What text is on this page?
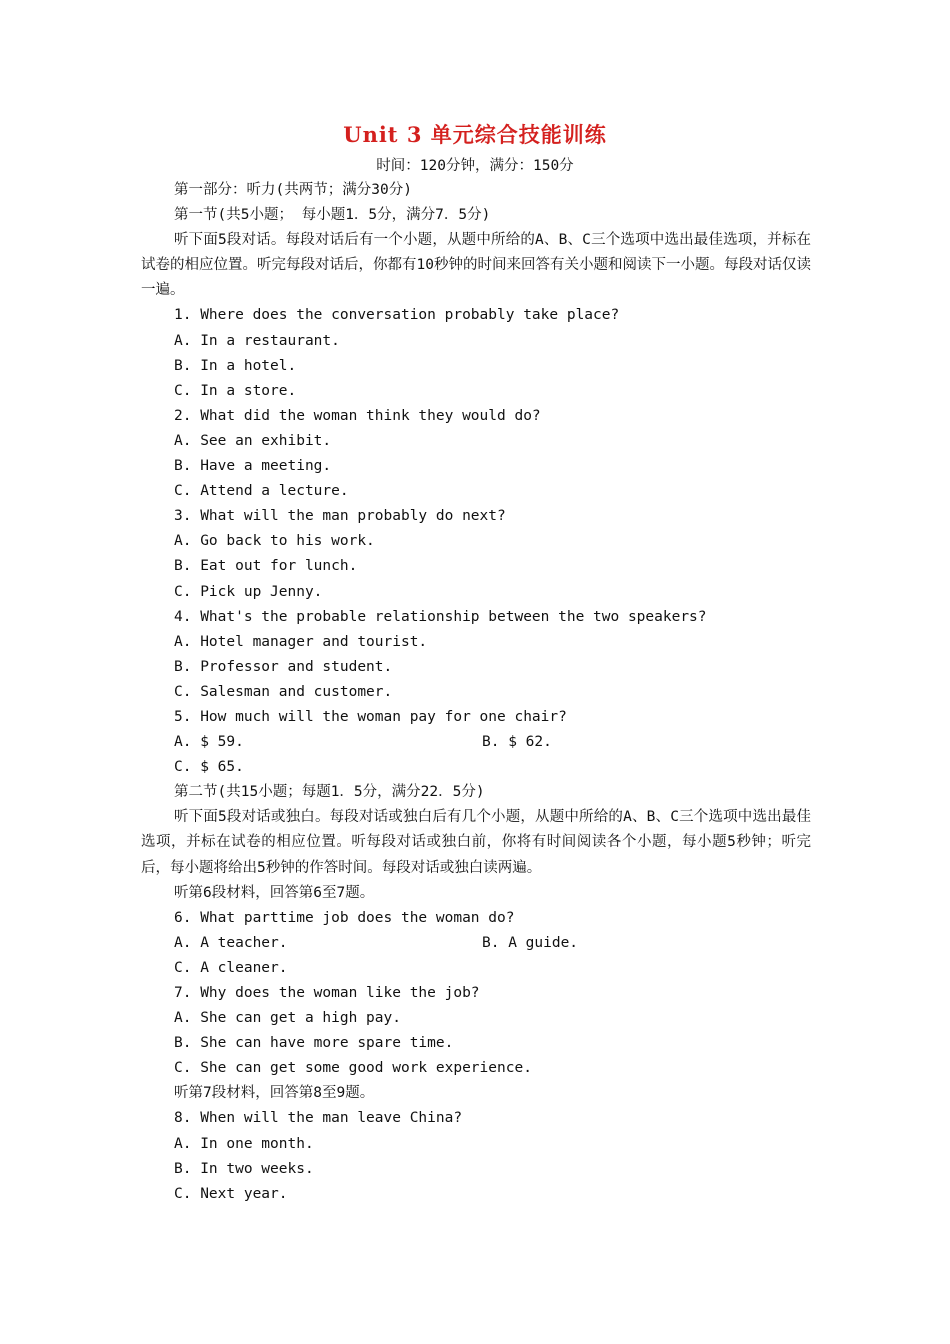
Unit 3 单元综合技能训练
时间：120分钟，满分：150分
第一部分：听力(共两节；满分30分)
第一节(共5小题； 每小题1．5分，满分7．5分)
听下面5段对话。每段对话后有一个小题，从题中所给的A、B、C三个选项中选出最佳选项，并标在试卷的相应位置。听完每段对话后，你都有10秒钟的时间来回答有关小题和阅读下一小题。每段对话仅读一遍。
1. Where does the conversation probably take place?
A. In a restaurant.
B. In a hotel.
C. In a store.
2. What did the woman think they would do?
A. See an exhibit.
B. Have a meeting.
C. Attend a lecture.
3. What will the man probably do next?
A. Go back to his work.
B. Eat out for lunch.
C. Pick up Jenny.
4. What's the probable relationship between the two speakers?
A. Hotel manager and tourist.
B. Professor and student.
C. Salesman and customer.
5. How much will the woman pay for one chair?
A. $ 59.	B. $ 62.
C. $ 65.
第二节(共15小题；每题1．5分，满分22．5分)
听下面5段对话或独白。每段对话或独白后有几个小题，从题中所给的A、B、C三个选项中选出最佳选项，并标在试卷的相应位置。听每段对话或独白前，你将有时间阅读各个小题，每小题5秒钟；听完后，每小题将给出5秒钟的作答时间。每段对话或独白读两遍。
听第6段材料，回答第6至7题。
6. What parttime job does the woman do?
A. A teacher.	B. A guide.
C. A cleaner.
7. Why does the woman like the job?
A. She can get a high pay.
B. She can have more spare time.
C. She can get some good work experience.
听第7段材料，回答第8至9题。
8. When will the man leave China?
A. In one month.
B. In two weeks.
C. Next year.
